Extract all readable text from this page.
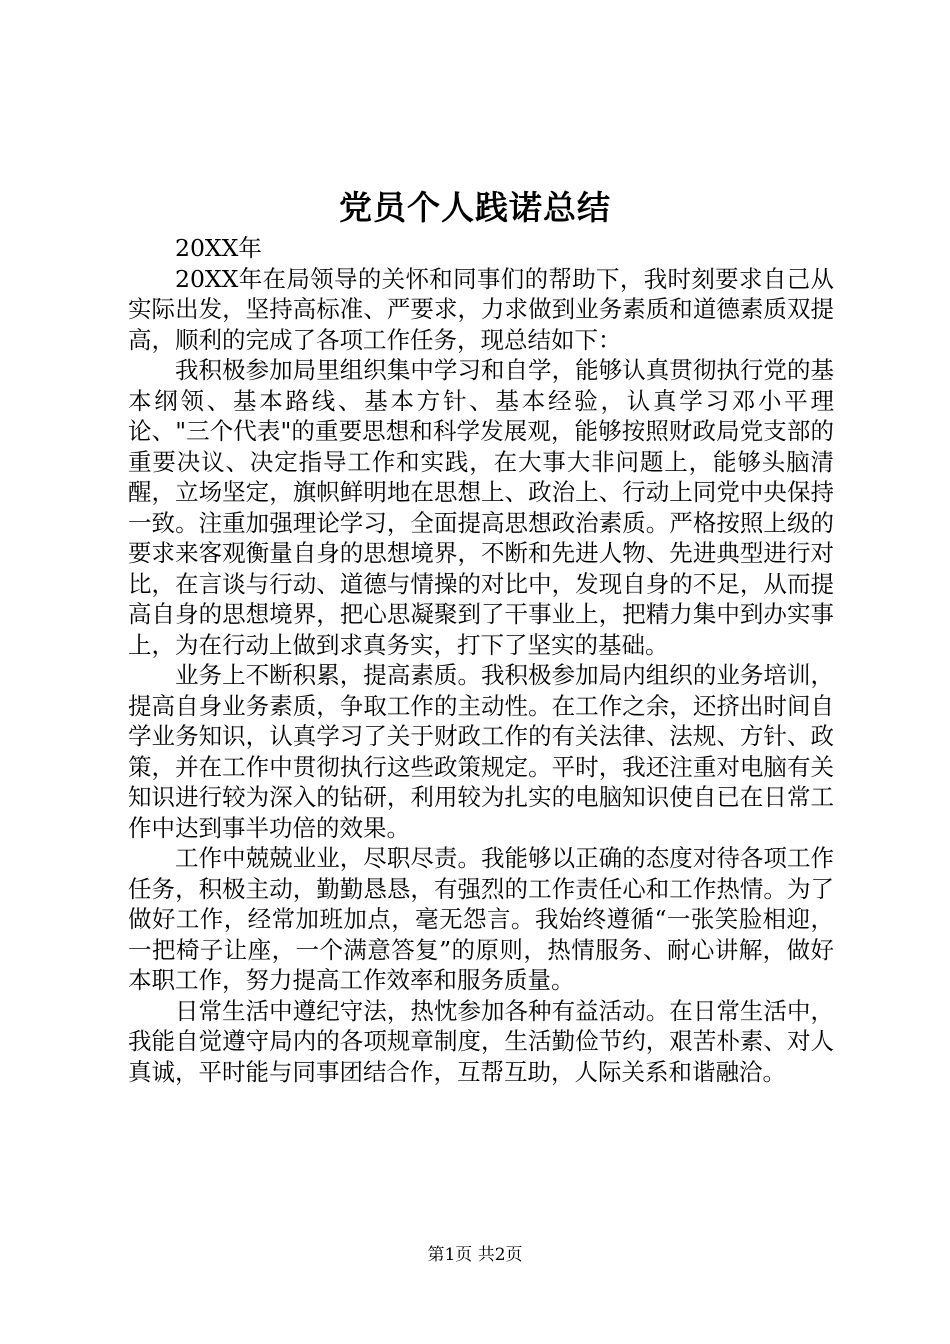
党员个人践诺总结

20XX年

20XX年在局领导的关怀和同事们的帮助下，我时刻要求自己从实际出发，坚持高标准、严要求，力求做到业务素质和道德素质双提高，顺利的完成了各项工作任务，现总结如下：

我积极参加局里组织集中学习和自学，能够认真贯彻执行党的基本纲领、基本路线、基本方针、基本经验，认真学习邓小平理论、"三个代表"的重要思想和科学发展观，能够按照财政局党支部的重要决议、决定指导工作和实践，在大事大非问题上，能够头脑清醒，立场坚定，旗帜鲜明地在思想上、政治上、行动上同党中央保持一致。注重加强理论学习，全面提高思想政治素质。严格按照上级的要求来客观衡量自身的思想境界，不断和先进人物、先进典型进行对比，在言谈与行动、道德与情操的对比中，发现自身的不足，从而提高自身的思想境界，把心思凝聚到了干事业上，把精力集中到办实事上，为在行动上做到求真务实，打下了坚实的基础。

业务上不断积累，提高素质。我积极参加局内组织的业务培训，提高自身业务素质，争取工作的主动性。在工作之余，还挤出时间自学业务知识，认真学习了关于财政工作的有关法律、法规、方针、政策，并在工作中贯彻执行这些政策规定。平时，我还注重对电脑有关知识进行较为深入的钻研，利用较为扎实的电脑知识使自已在日常工作中达到事半功倍的效果。

工作中兢兢业业，尽职尽责。我能够以正确的态度对待各项工作任务，积极主动，勤勤恳恳，有强烈的工作责任心和工作热情。为了做好工作，经常加班加点，毫无怨言。我始终遵循“一张笑脸相迎，一把椅子让座，一个满意答复”的原则，热情服务、耐心讲解，做好本职工作，努力提高工作效率和服务质量。

日常生活中遵纪守法，热忱参加各种有益活动。在日常生活中，我能自觉遵守局内的各项规章制度，生活勤俭节约，艰苦朴素、对人真诚，平时能与同事团结合作，互帮互助，人际关系和谐融洽。

第1页 共2页
